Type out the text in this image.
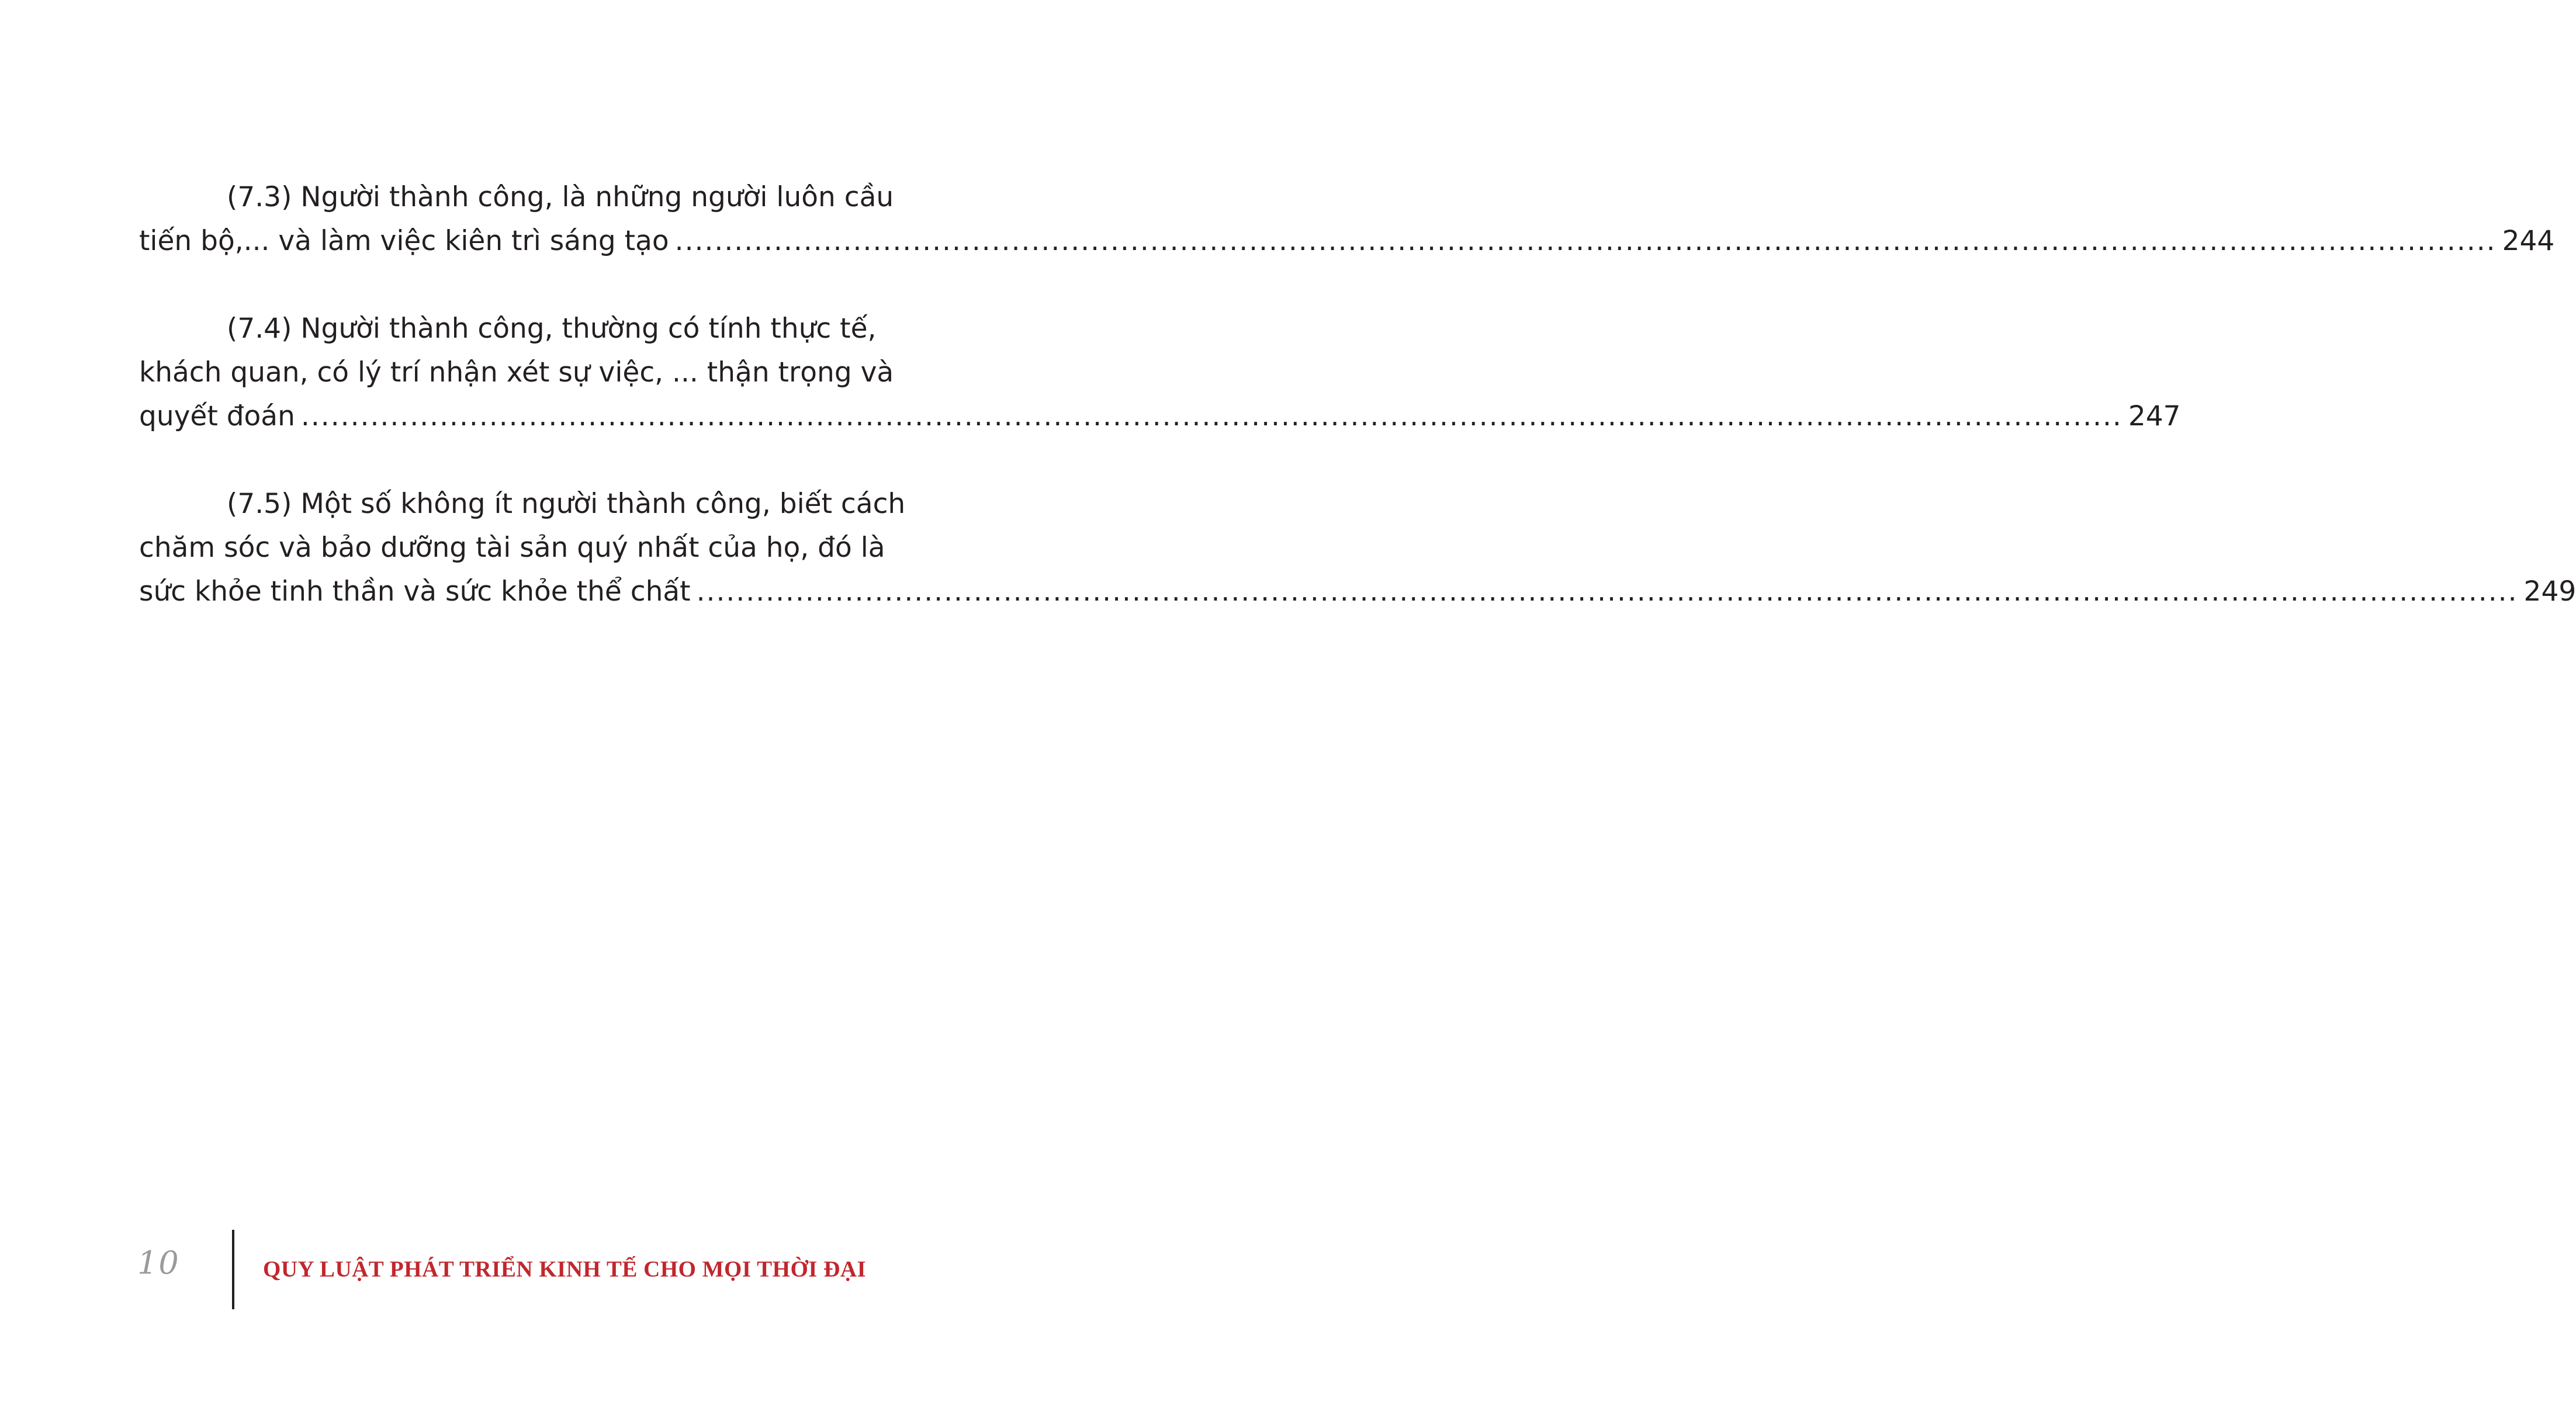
(7.3) Người thành công, là những người luôn cầu
tiến bộ,... và làm việc kiên trì sáng tạo ........................................................................................................................................................................................ 244
(7.4) Người thành công, thường có tính thực tế,
khách quan, có lý trí nhận xét sự việc, ... thận trọng và
quyết đoán ........................................................................................................................................................................................ 247
(7.5) Một số không ít người thành công, biết cách
chăm sóc và bảo dưỡng tài sản quý nhất của họ, đó là
sức khỏe tinh thần và sức khỏe thể chất ........................................................................................................................................................................................ 249
10	QUY LUẬT PHÁT TRIỂN KINH TẾ CHO MỌI THỜI ĐẠI
